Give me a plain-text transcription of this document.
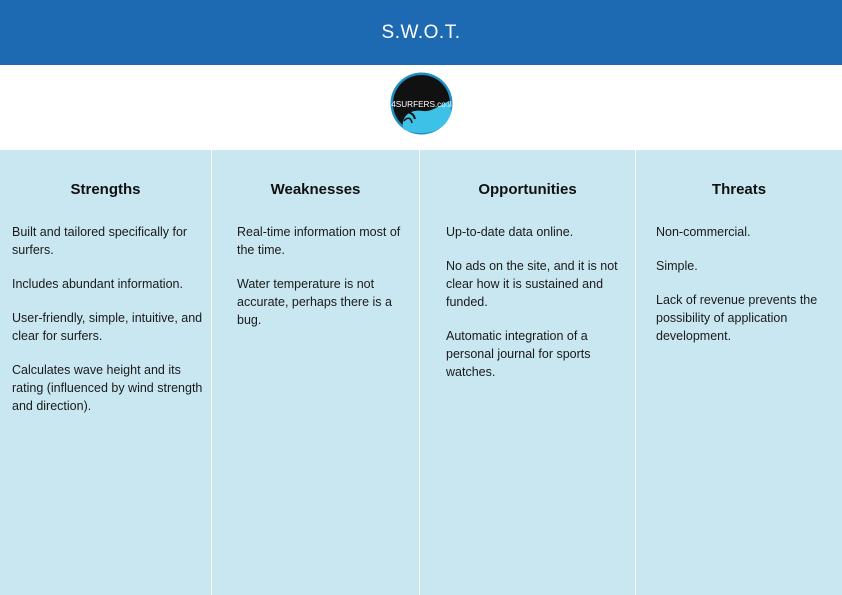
S.W.O.T.
4SURFERS.co.il
Strengths
Built and tailored specifically for surfers.
Includes abundant information.
User-friendly, simple, intuitive, and clear for surfers.
Calculates wave height and its rating (influenced by wind strength and direction).
Weaknesses
Real-time information most of the time.
Water temperature is not accurate, perhaps there is a bug.
Opportunities
Up-to-date data online.
No ads on the site, and it is not clear how it is sustained and funded.
Automatic integration of a personal journal for sports watches.
Threats
Non-commercial.
Simple.
Lack of revenue prevents the possibility of application development.
